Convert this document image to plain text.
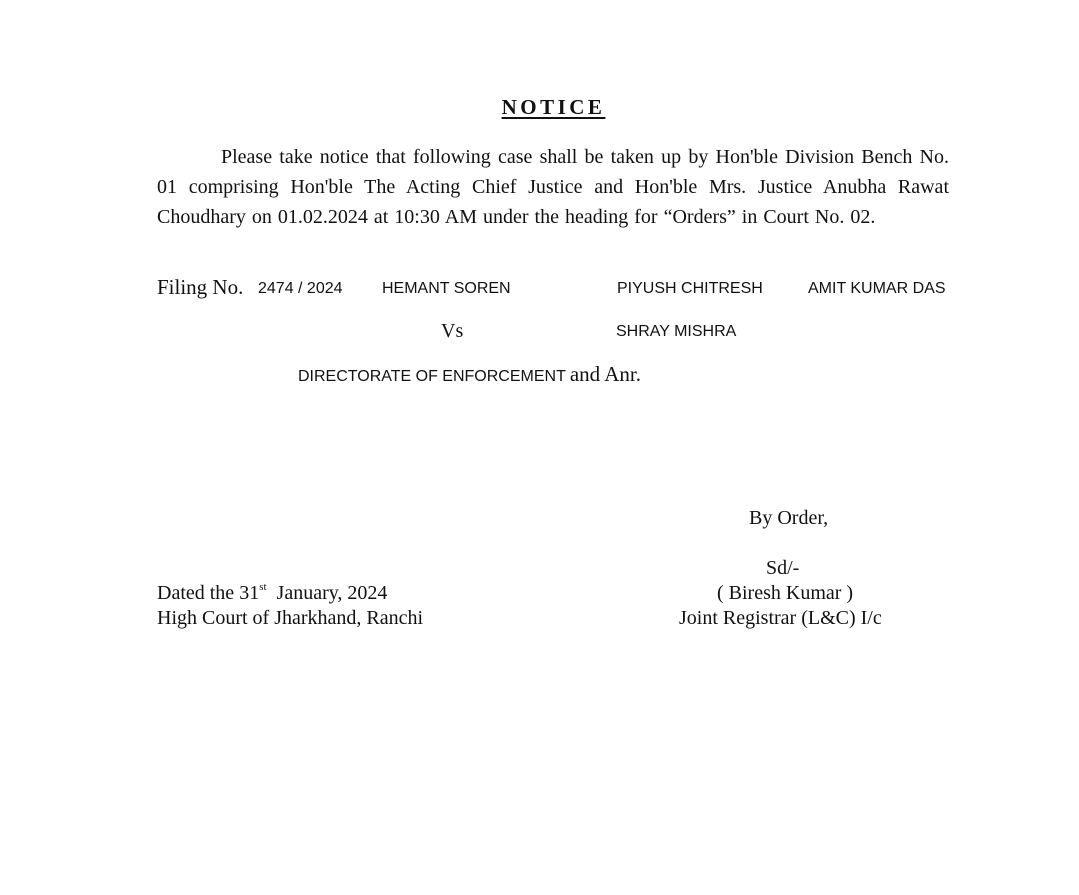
NOTICE
Please take notice that following case shall be taken up by Hon'ble Division Bench No. 01 comprising Hon'ble The Acting Chief Justice and Hon'ble Mrs. Justice Anubha Rawat Choudhary on 01.02.2024 at 10:30 AM under the heading for “Orders” in Court No. 02.
Filing No. 2474 / 2024 HEMANT SOREN	PIYUSH CHITRESH	AMIT KUMAR DAS
Vs	SHRAY MISHRA
DIRECTORATE OF ENFORCEMENT and Anr.
By Order,
Sd/-
( Biresh Kumar )
Joint Registrar (L&C) I/c
Dated the 31st January, 2024
High Court of Jharkhand, Ranchi
